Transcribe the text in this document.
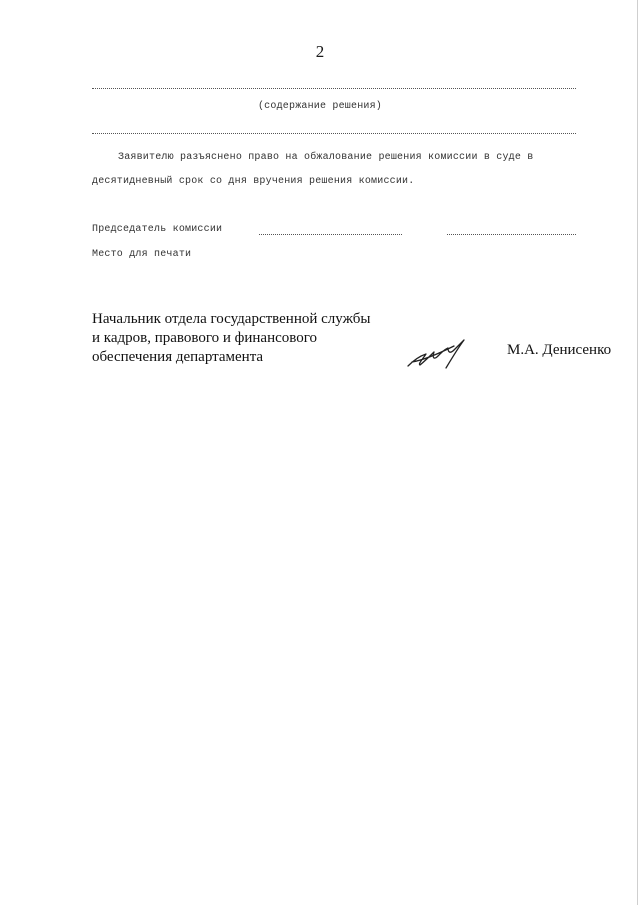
2
(содержание решения)
Заявителю разъяснено право на обжалование решения комиссии в суде в
десятидневный срок со дня вручения решения комиссии.
Председатель комиссии
Место для печати
Начальник отдела государственной службы
и кадров, правового и финансового
обеспечения департамента	М.А. Денисенко
